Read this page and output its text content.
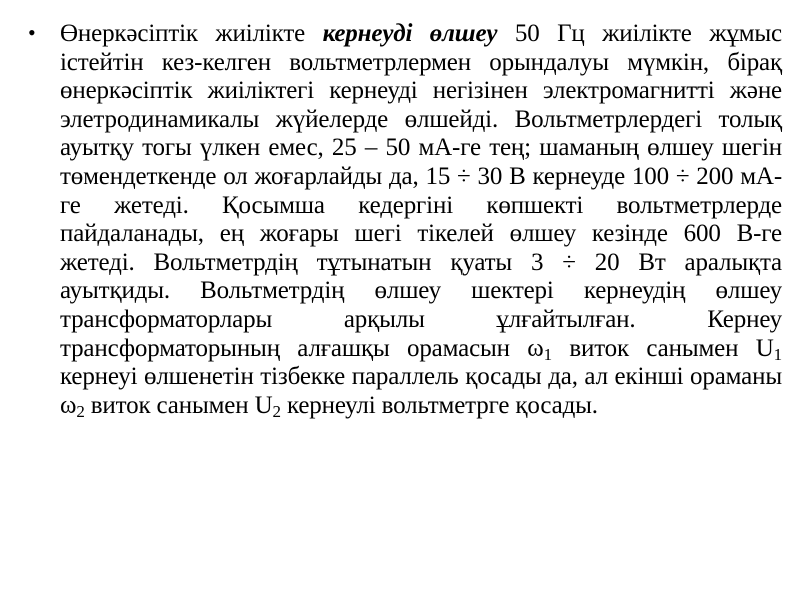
• Өнеркәсіптік жиілікте кернеуді өлшеу 50 Гц жиілікте жұмыс істейтін кез-келген вольтметрлермен орындалуы мүмкін, бірақ өнеркәсіптік жиіліктегі кернеуді негізінен электромагнитті және элетродинамикалы жүйелерде өлшейді. Вольтметрлердегі толық ауытқу тогы үлкен емес, 25 – 50 мА-ге тең; шаманың өлшеу шегін төмендеткенде ол жоғарлайды да, 15 ÷ 30 В кернеуде 100 ÷ 200 мА-ге жетеді. Қосымша кедергіні көпшекті вольтметрлерде пайдаланады, ең жоғары шегі тікелей өлшеу кезінде 600 В-ге жетеді. Вольтметрдің тұтынатын қуаты 3 ÷ 20 Вт аралықта ауытқиды. Вольтметрдің өлшеу шектері кернеудің өлшеу трансформаторлары арқылы ұлғайтылған. Кернеу трансформаторының алғашқы орамасын $\omega_1$ виток санымен $U_1$ кернеуі өлшенетін тізбекке параллель қосады да, ал екінші ораманы $\omega_2$ виток санымен $U_2$ кернеулі вольтметрге қосады.
